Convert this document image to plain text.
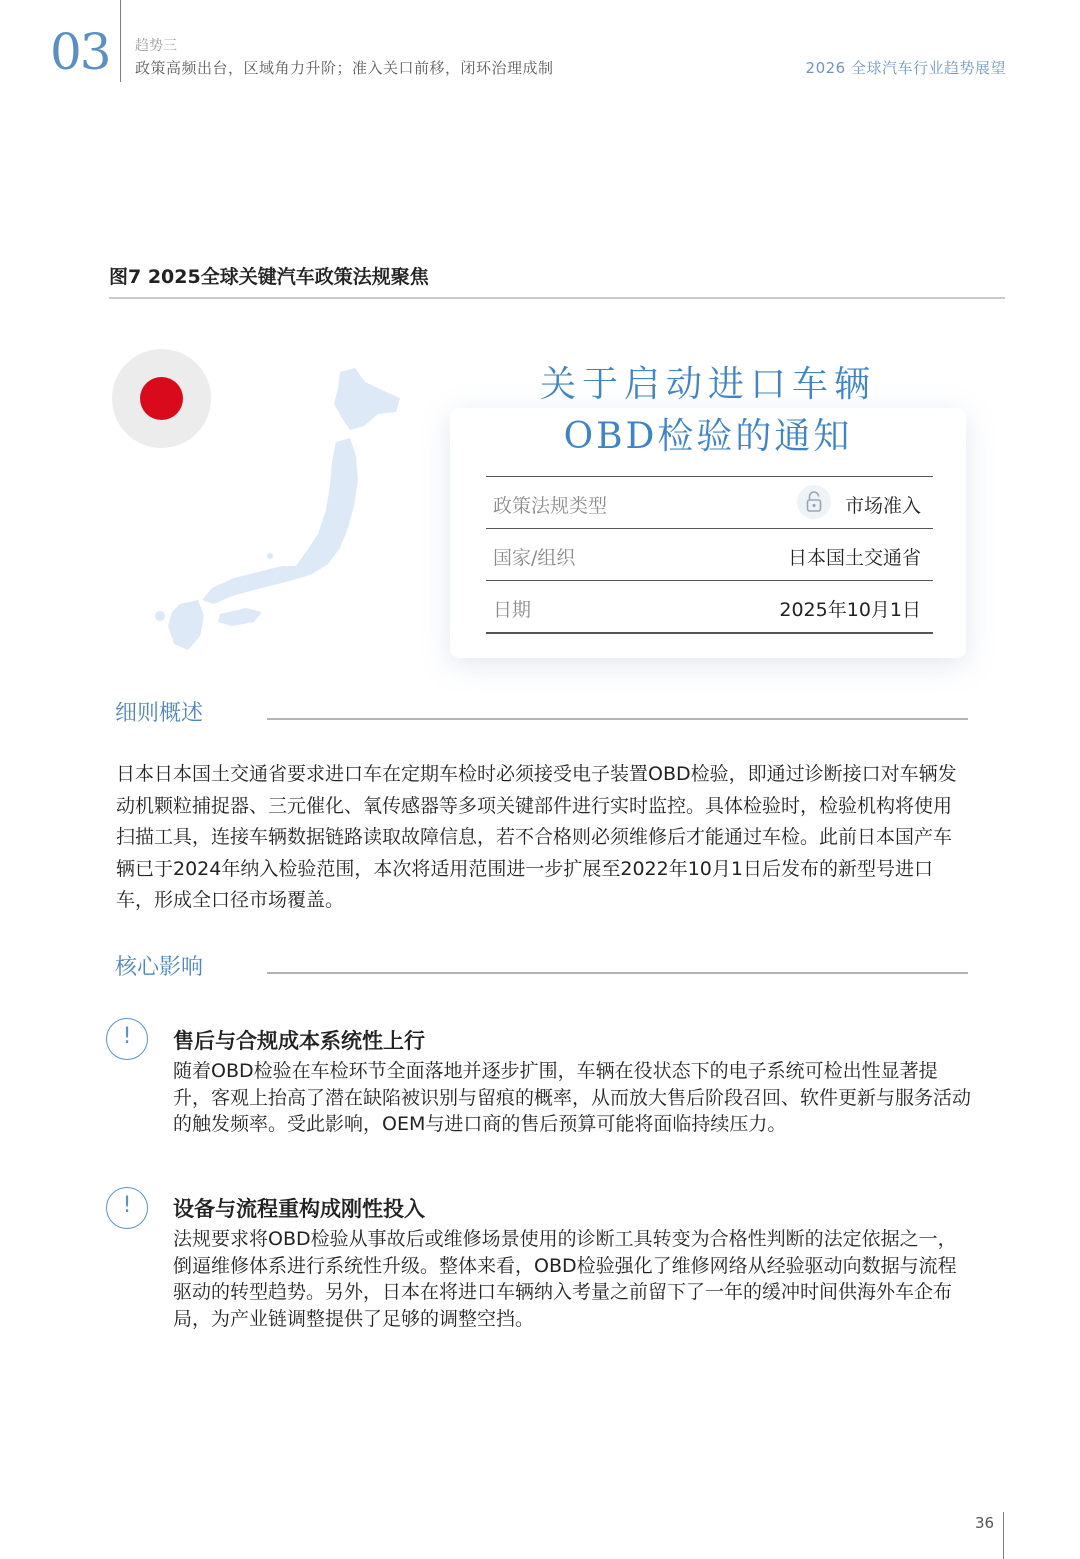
03 趋势三
政策高频出台，区域角力升阶；准入关口前移，闭环治理成制	2026 全球汽车行业趋势展望
图7 2025全球关键汽车政策法规聚焦
关于启动进口车辆
OBD检验的通知
政策法规类型	市场准入
国家/组织	日本国土交通省
日期	2025年10月1日
细则概述
日本日本国土交通省要求进口车在定期车检时必须接受电子装置OBD检验，即通过诊断接口对车辆发动机颗粒捕捉器、三元催化、氧传感器等多项关键部件进行实时监控。具体检验时，检验机构将使用扫描工具，连接车辆数据链路读取故障信息，若不合格则必须维修后才能通过车检。此前日本国产车辆已于2024年纳入检验范围，本次将适用范围进一步扩展至2022年10月1日后发布的新型号进口车，形成全口径市场覆盖。
核心影响
!	售后与合规成本系统性上行
随着OBD检验在车检环节全面落地并逐步扩围，车辆在役状态下的电子系统可检出性显著提升，客观上抬高了潜在缺陷被识别与留痕的概率，从而放大售后阶段召回、软件更新与服务活动的触发频率。受此影响，OEM与进口商的售后预算可能将面临持续压力。
!	设备与流程重构成刚性投入
法规要求将OBD检验从事故后或维修场景使用的诊断工具转变为合格性判断的法定依据之一，倒逼维修体系进行系统性升级。整体来看，OBD检验强化了维修网络从经验驱动向数据与流程驱动的转型趋势。另外，日本在将进口车辆纳入考量之前留下了一年的缓冲时间供海外车企布局，为产业链调整提供了足够的调整空挡。
36
